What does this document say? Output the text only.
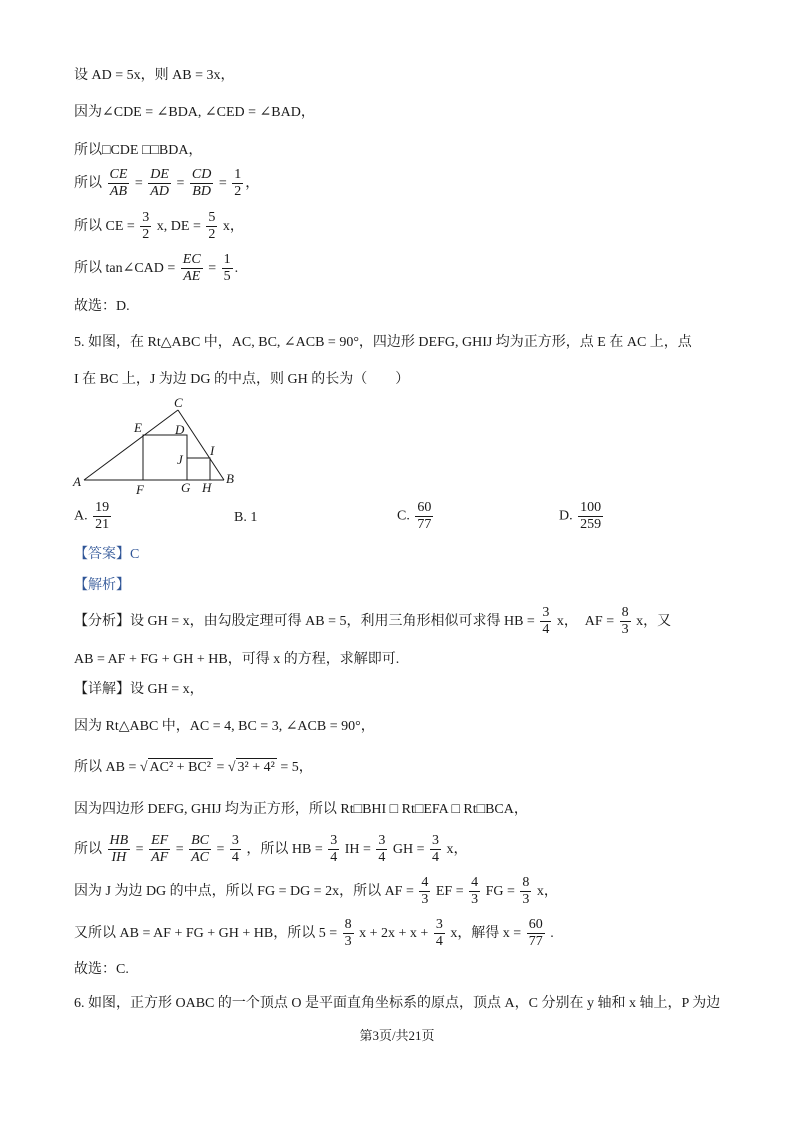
设 AD = 5x，则 AB = 3x，
因为∠CDE = ∠BDA, ∠CED = ∠BAD，
所以□CDE □□BDA，
所以 $\frac{CE}{AB} = \frac{DE}{AD} = \frac{CD}{BD} = \frac{1}{2}$ ，
所以 CE = $\frac{3}{2} x$, DE = $\frac{5}{2}$ x，
所以 tan∠CAD = $\frac{EC}{AE} = \frac{1}{5}$ .
故选：D.
5. 如图，在 Rt△ABC 中，AC, BC, ∠ACB = 90°，四边形 DEFG, GHIJ 均为正方形，点 E 在 AC 上，点
I 在 BC 上，J 为边 DG 的中点，则 GH 的长为（　　）
C
E	D
J
I
A
F	G H
B
A. $\frac{19}{21}$	B. 1	C. $\frac{60}{77}$	D. $\frac{100}{259}$
【答案】C
【解析】
【分析】设 GH = x，由勾股定理可得 AB = 5，利用三角形相似可求得 HB = $\frac{3}{4}$ x，　AF = $\frac{8}{3}$ x，又
AB = AF + FG + GH + HB，可得 x 的方程，求解即可.
【详解】设 GH = x，
因为 Rt△ABC 中，AC = 4, BC = 3, ∠ACB = 90°，
所以 AB = √ AC² + BC² = √ 3² + 4² = 5，
因为四边形 DEFG, GHIJ 均为正方形，所以 Rt□BHI □ Rt□EFA □ Rt□BCA，
所以 $\frac{HB}{IH} = \frac{EF}{AF} = \frac{BC}{AC} = \frac{3}{4}$ ，所以 HB = $\frac{3}{4}$ IH = $\frac{3}{4}$ GH = $\frac{3}{4}$ x，
因为 J 为边 DG 的中点，所以 FG = DG = 2x，所以 AF = $\frac{4}{3}$ EF = $\frac{4}{3}$ FG = $\frac{8}{3}$ x，
又所以 AB = AF + FG + GH + HB，所以 $5 = \frac{8}{3}$ $x + 2x + x + \frac{3}{4}$ x，解得 $x = \frac{60}{77}$ .
故选：C.
6. 如图，正方形 OABC 的一个顶点 O 是平面直角坐标系的原点，顶点 A，C 分别在 y 轴和 x 轴上，P 为边
第3页/共21页
